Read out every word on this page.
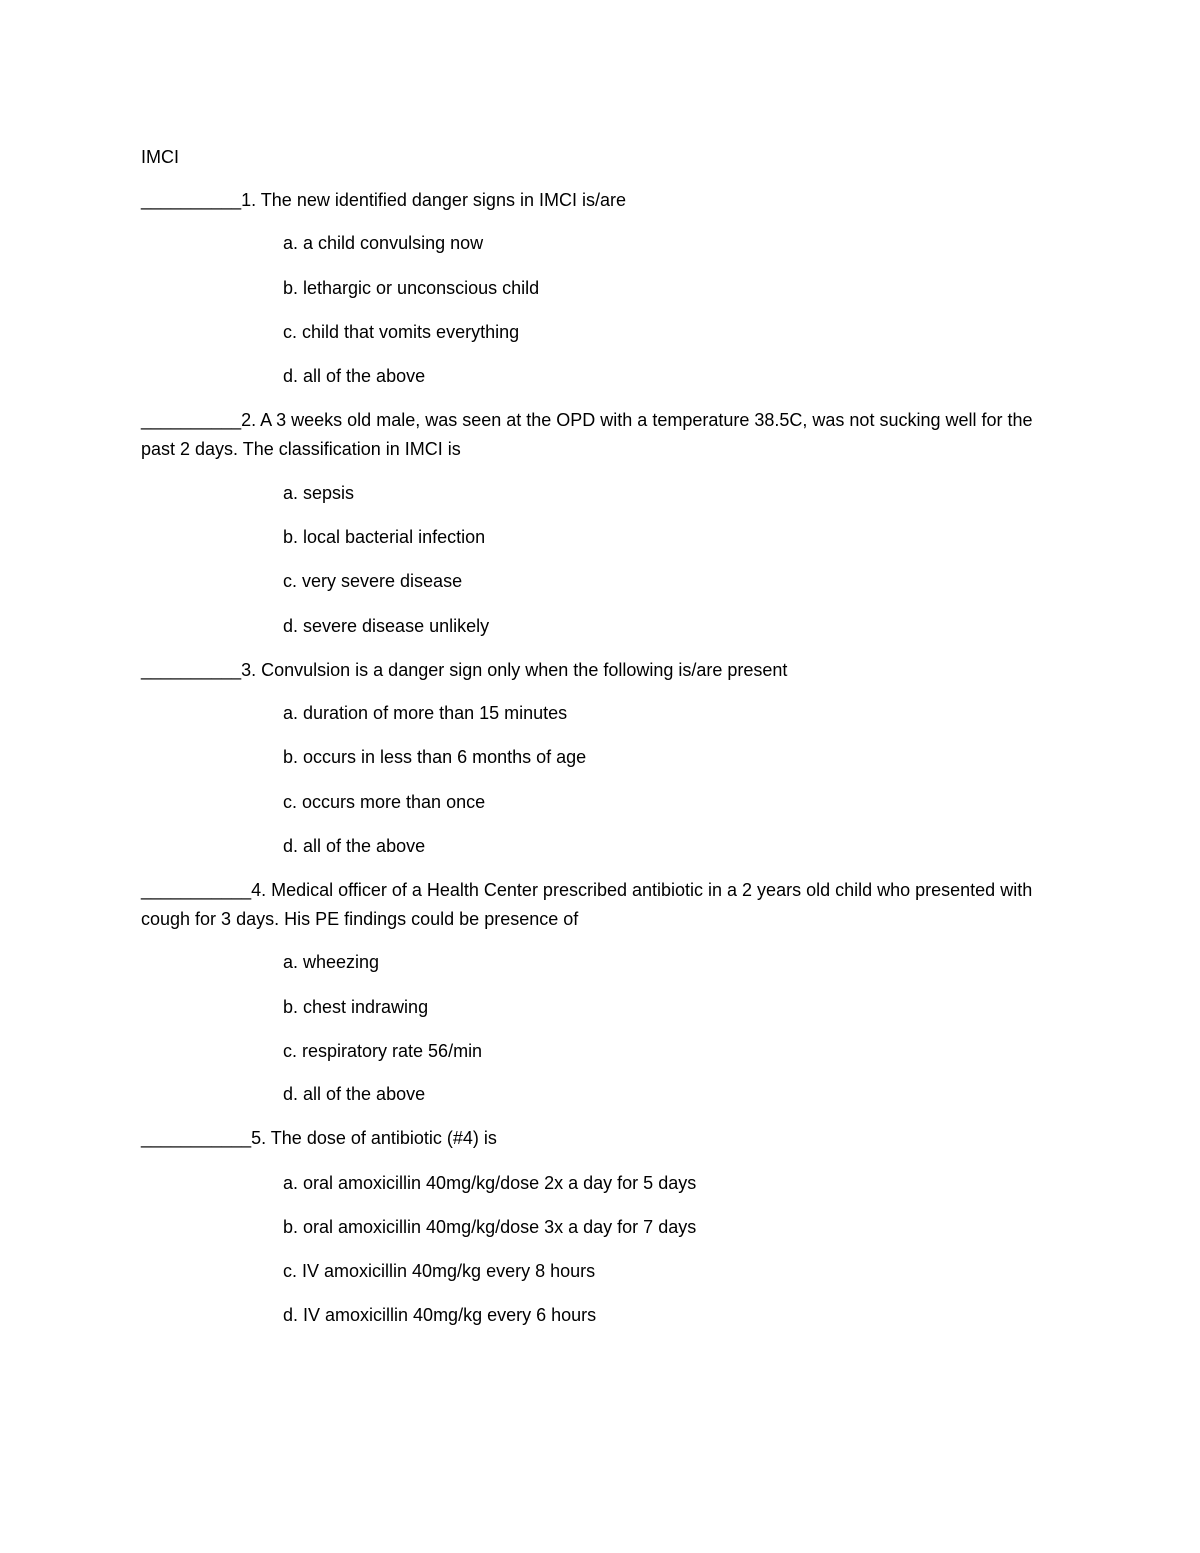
IMCI

__________1. The new identified danger signs in IMCI is/are

a. a child convulsing now

b. lethargic or unconscious child

c. child that vomits everything

d. all of the above

__________2. A 3 weeks old male, was seen at the OPD with a temperature 38.5C, was not sucking well for the past 2 days. The classification in IMCI is

a. sepsis

b. local bacterial infection

c. very severe disease

d. severe disease unlikely

__________3. Convulsion is a danger sign only when the following is/are present

a. duration of more than 15 minutes

b. occurs in less than 6 months of age

c. occurs more than once

d. all of the above

___________4. Medical officer of a Health Center prescribed antibiotic in a 2 years old child who presented with cough for 3 days. His PE findings could be presence of

a. wheezing

b. chest indrawing

c. respiratory rate 56/min

d. all of the above

___________5. The dose of antibiotic (#4) is

a. oral amoxicillin 40mg/kg/dose 2x a day for 5 days

b. oral amoxicillin 40mg/kg/dose 3x a day for 7 days

c. IV amoxicillin 40mg/kg every 8 hours

d. IV amoxicillin 40mg/kg every 6 hours
